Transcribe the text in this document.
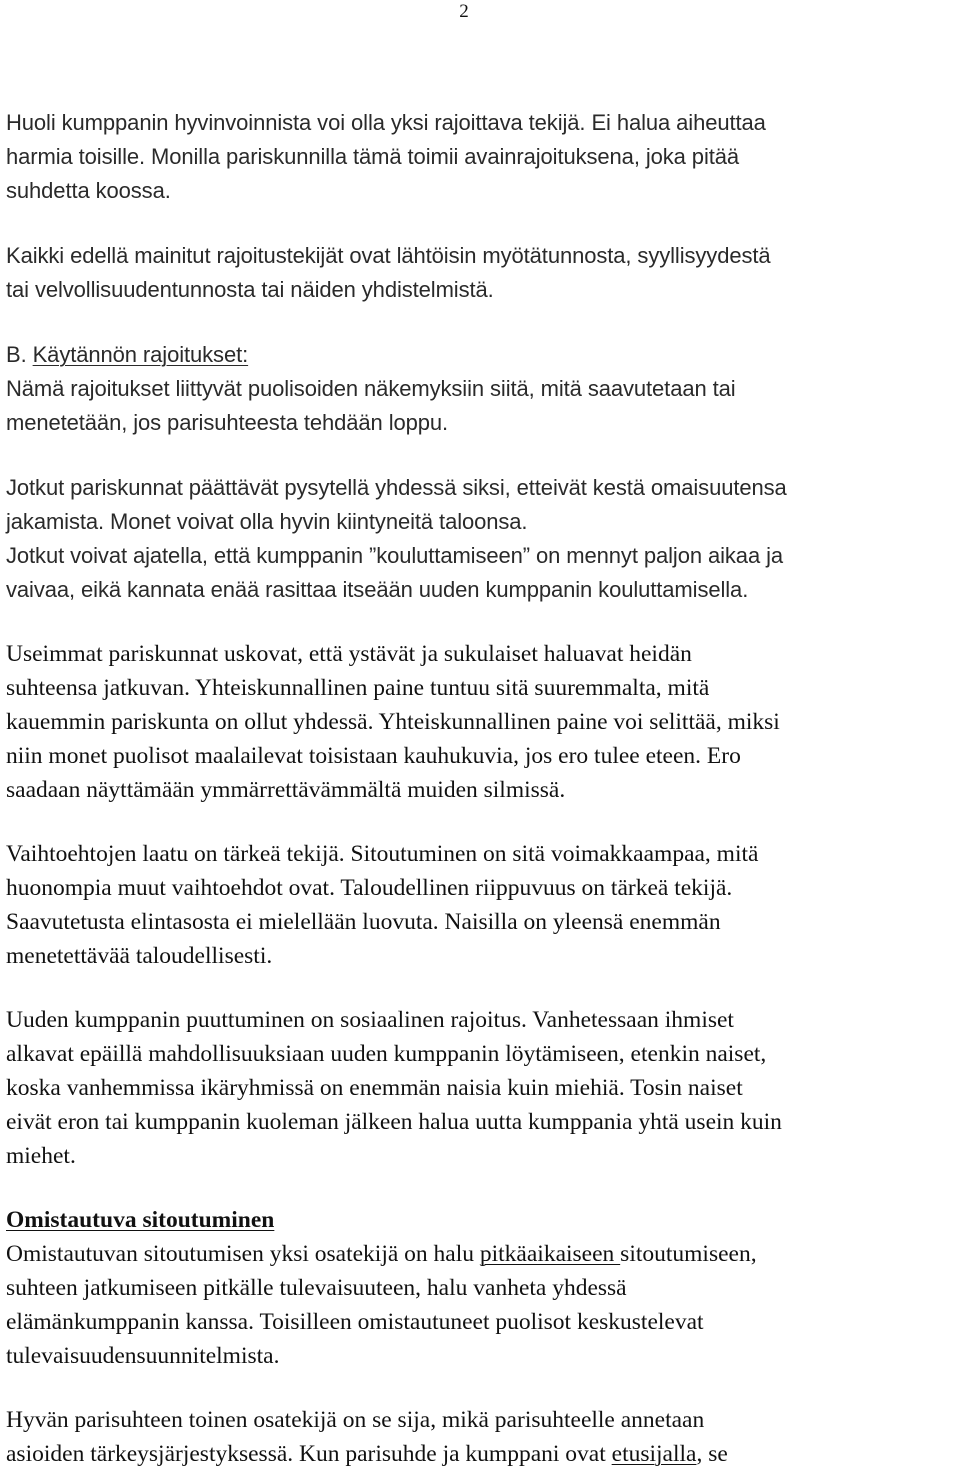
2
Huoli kumppanin hyvinvoinnista voi olla yksi rajoittava tekijä. Ei halua aiheuttaa
harmia toisille. Monilla pariskunnilla tämä toimii avainrajoituksena, joka pitää
suhdetta koossa.
Kaikki edellä mainitut rajoitustekijät ovat lähtöisin myötätunnosta, syyllisyydestä
tai velvollisuudentunnosta tai näiden yhdistelmistä.
B. Käytännön rajoitukset:
Nämä rajoitukset liittyvät puolisoiden näkemyksiin siitä, mitä saavutetaan tai
menetetään, jos parisuhteesta tehdään loppu.
Jotkut pariskunnat päättävät pysytellä yhdessä siksi, etteivät kestä omaisuutensa
jakamista. Monet voivat olla hyvin kiintyneitä taloonsa.
Jotkut voivat ajatella, että kumppanin ”kouluttamiseen” on mennyt paljon aikaa ja
vaivaa, eikä kannata enää rasittaa itseään uuden kumppanin kouluttamisella.
Useimmat pariskunnat uskovat, että ystävät ja sukulaiset haluavat heidän
suhteensa jatkuvan. Yhteiskunnallinen paine tuntuu sitä suuremmalta, mitä
kauemmin pariskunta on ollut yhdessä. Yhteiskunnallinen paine voi selittää, miksi
niin monet puolisot maalailevat toisistaan kauhukuvia, jos ero tulee eteen. Ero
saadaan näyttämään ymmärrettävämmältä muiden silmissä.
Vaihtoehtojen laatu on tärkeä tekijä. Sitoutuminen on sitä voimakkaampaa, mitä
huonompia muut vaihtoehdot ovat. Taloudellinen riippuvuus on tärkeä tekijä.
Saavutetusta elintasosta ei mielellään luovuta. Naisilla on yleensä enemmän
menetettävää taloudellisesti.
Uuden kumppanin puuttuminen on sosiaalinen rajoitus. Vanhetessaan ihmiset
alkavat epäillä mahdollisuuksiaan uuden kumppanin löytämiseen, etenkin naiset,
koska vanhemmissa ikäryhmissä on enemmän naisia kuin miehiä. Tosin naiset
eivät eron tai kumppanin kuoleman jälkeen halua uutta kumppania yhtä usein kuin
miehet.
Omistautuva sitoutuminen
Omistautuvan sitoutumisen yksi osatekijä on halu pitkäaikaiseen sitoutumiseen,
suhteen jatkumiseen pitkälle tulevaisuuteen, halu vanheta yhdessä
elämänkumppanin kanssa. Toisilleen omistautuneet puolisot keskustelevat
tulevaisuudensuunnitelmista.
Hyvän parisuhteen toinen osatekijä on se sija, mikä parisuhteelle annetaan
asioiden tärkeysjärjestyksessä. Kun parisuhde ja kumppani ovat etusijalla, se
